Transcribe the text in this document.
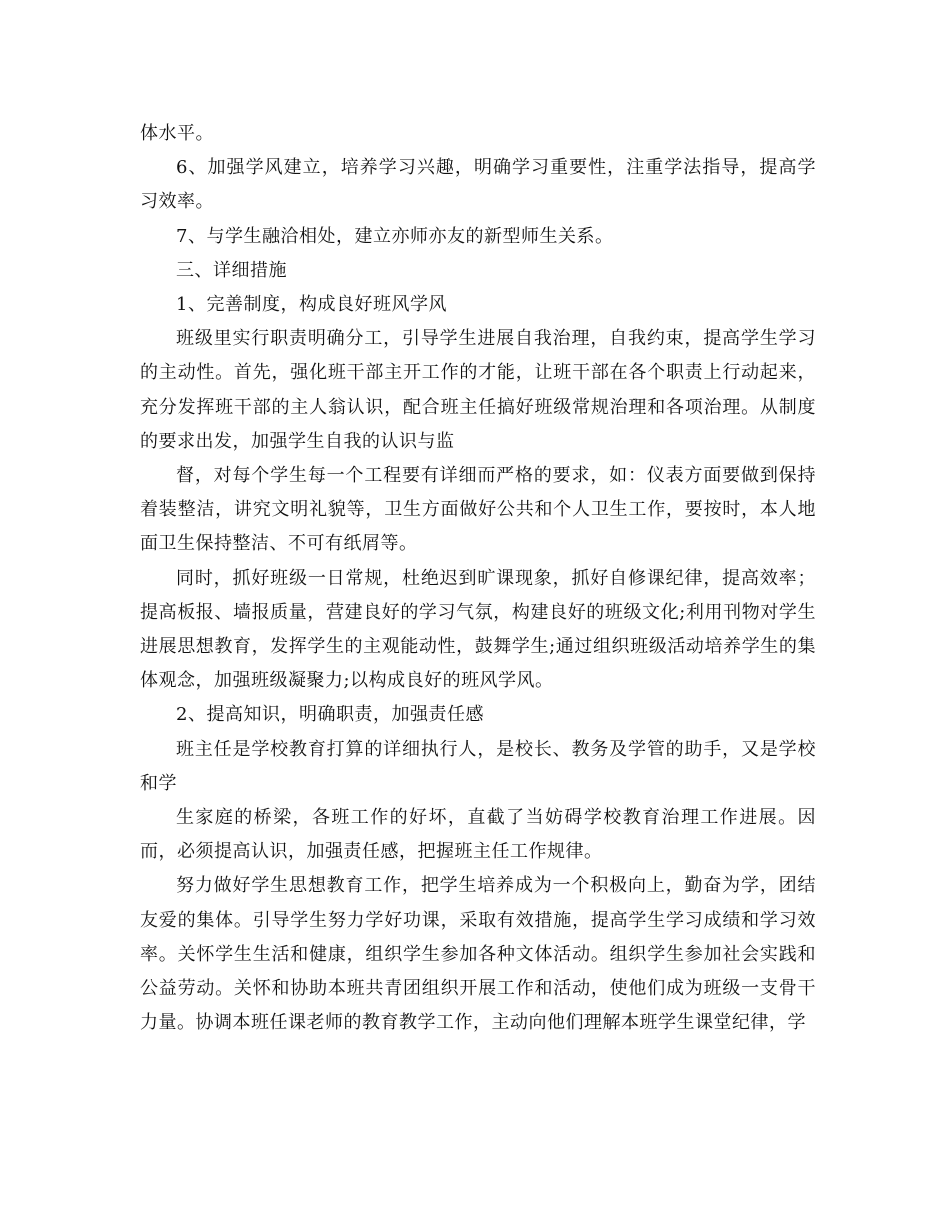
体水平。

6、加强学风建立，培养学习兴趣，明确学习重要性，注重学法指导，提高学习效率。

7、与学生融洽相处，建立亦师亦友的新型师生关系。

三、详细措施

1、完善制度，构成良好班风学风

班级里实行职责明确分工，引导学生进展自我治理，自我约束，提高学生学习的主动性。首先，强化班干部主开工作的才能，让班干部在各个职责上行动起来，充分发挥班干部的主人翁认识，配合班主任搞好班级常规治理和各项治理。从制度的要求出发，加强学生自我的认识与监

督，对每个学生每一个工程要有详细而严格的要求，如：仪表方面要做到保持着装整洁，讲究文明礼貌等，卫生方面做好公共和个人卫生工作，要按时，本人地面卫生保持整洁、不可有纸屑等。

同时，抓好班级一日常规，杜绝迟到旷课现象，抓好自修课纪律，提高效率；提高板报、墙报质量，营建良好的学习气氛，构建良好的班级文化;利用刊物对学生进展思想教育，发挥学生的主观能动性，鼓舞学生;通过组织班级活动培养学生的集体观念，加强班级凝聚力;以构成良好的班风学风。

2、提高知识，明确职责，加强责任感

班主任是学校教育打算的详细执行人，是校长、教务及学管的助手，又是学校和学

生家庭的桥梁，各班工作的好坏，直截了当妨碍学校教育治理工作进展。因而，必须提高认识，加强责任感，把握班主任工作规律。

努力做好学生思想教育工作，把学生培养成为一个积极向上，勤奋为学，团结友爱的集体。引导学生努力学好功课，采取有效措施，提高学生学习成绩和学习效率。关怀学生生活和健康，组织学生参加各种文体活动。组织学生参加社会实践和公益劳动。关怀和协助本班共青团组织开展工作和活动，使他们成为班级一支骨干力量。协调本班任课老师的教育教学工作，主动向他们理解本班学生课堂纪律，学
